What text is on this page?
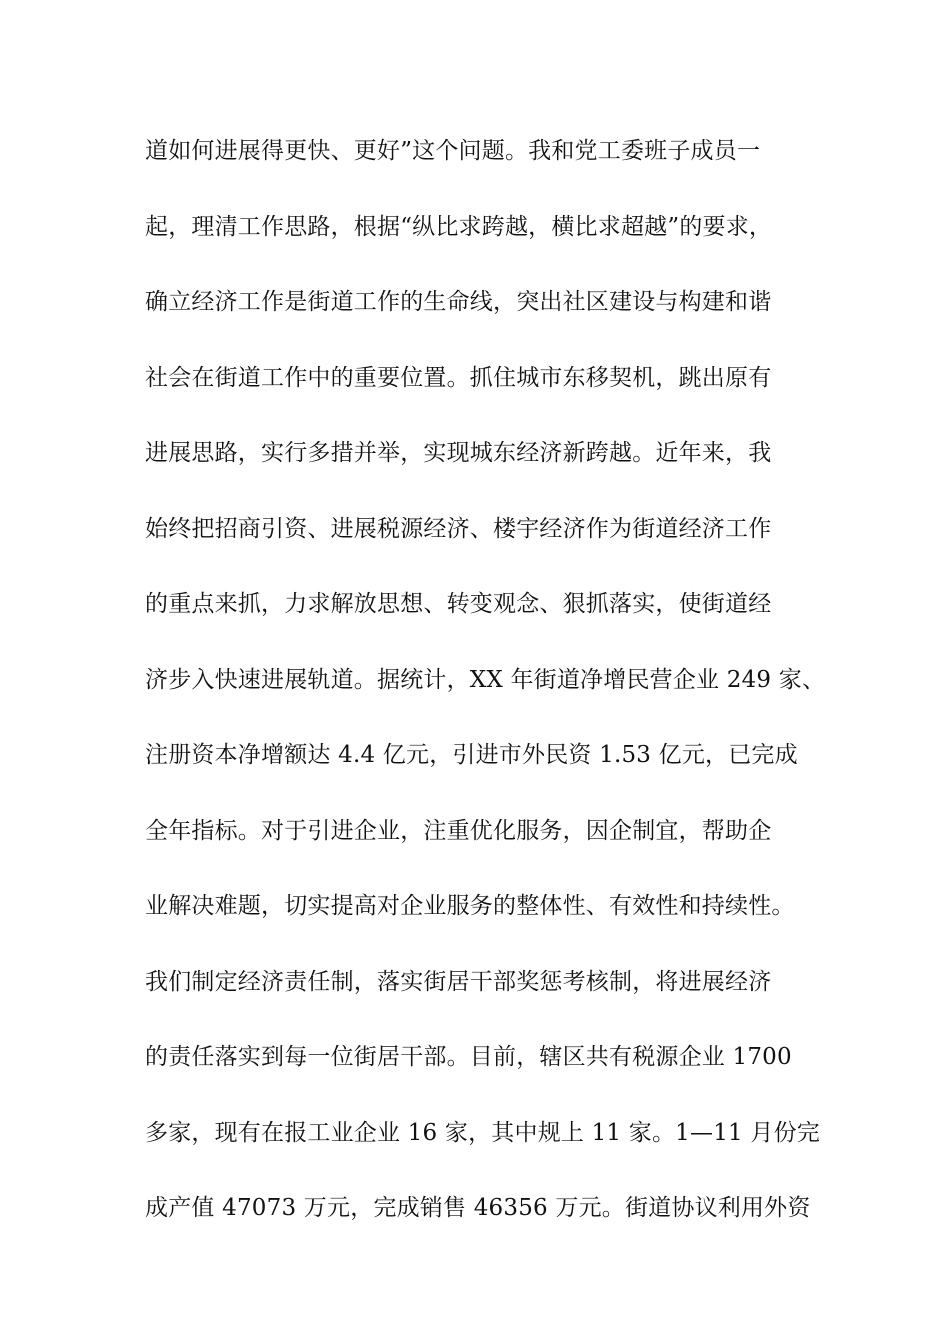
道如何进展得更快、更好”这个问题。我和党工委班子成员一
起，理清工作思路，根据“纵比求跨越，横比求超越”的要求，
确立经济工作是街道工作的生命线，突出社区建设与构建和谐
社会在街道工作中的重要位置。抓住城市东移契机，跳出原有
进展思路，实行多措并举，实现城东经济新跨越。近年来，我
始终把招商引资、进展税源经济、楼宇经济作为街道经济工作
的重点来抓，力求解放思想、转变观念、狠抓落实，使街道经
济步入快速进展轨道。据统计，XX 年街道净增民营企业 249 家、
注册资本净增额达 4.4 亿元，引进市外民资 1.53 亿元，已完成
全年指标。对于引进企业，注重优化服务，因企制宜，帮助企
业解决难题，切实提高对企业服务的整体性、有效性和持续性。
我们制定经济责任制，落实街居干部奖惩考核制，将进展经济
的责任落实到每一位街居干部。目前，辖区共有税源企业 1700
多家，现有在报工业企业 16 家，其中规上 11 家。1—11 月份完
成产值 47073 万元，完成销售 46356 万元。街道协议利用外资
